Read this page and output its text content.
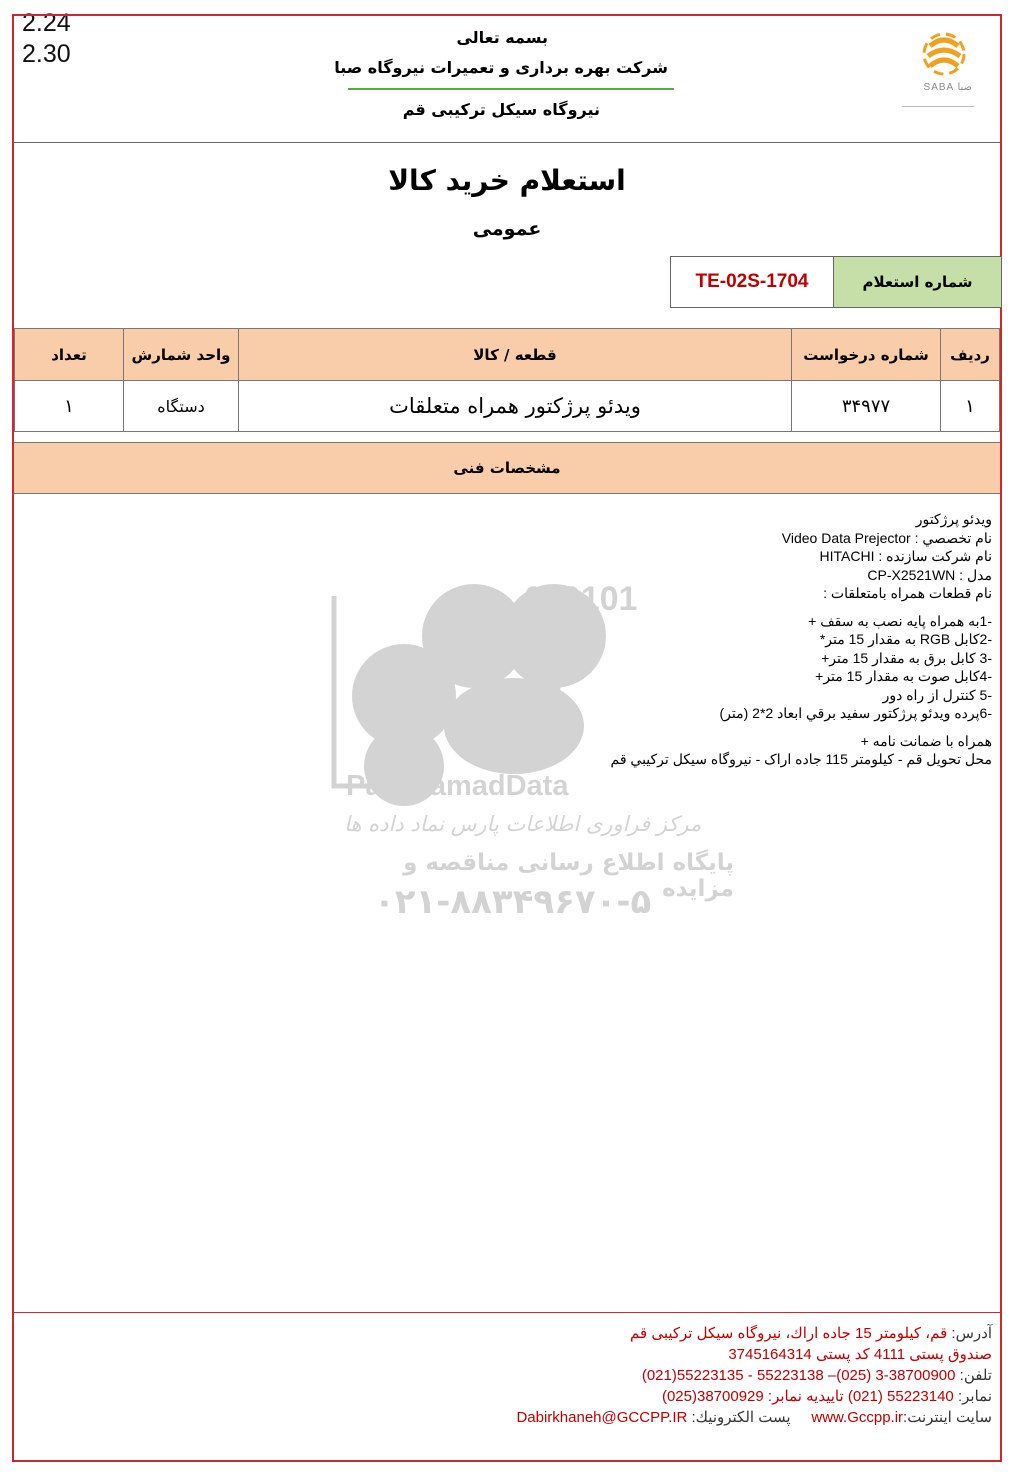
2.24
2.30
بسمه تعالی
شرکت بهره برداری و تعمیرات نیروگاه صبا
نیروگاه سیکل ترکیبی قم
SABA صبا
استعلام خرید کالا
عمومی
TE-02S-1704	شماره استعلام
ردیف	شماره درخواست	قطعه / کالا	واحد شمارش	تعداد
۱	۳۴۹۷۷	ویدئو پرژکتور همراه متعلقات	دستگاه	۱
مشخصات فنی
010101
0001
10
10
ParsNamadData
مرکز فراوری اطلاعات پارس نماد داده ها
پایگاه اطلاع رسانی مناقصه و مزایده
۰۲۱-۸۸۳۴۹۶۷۰-۵
ویدئو پرژکتور
نام تخصصي : Video Data Prejector
نام شرکت سازنده : HITACHI
مدل : CP-X2521WN
نام قطعات همراه بامتعلقات :
-1به همراه پايه نصب به سقف +
-2کابل RGB به مقدار 15 متر*
-3 کابل برق به مقدار 15 متر+
-4کابل صوت به مقدار 15 متر+
-5 کنترل از راه دور
-6پرده ويدئو پرژکتور سفيد برقي ابعاد 2*2 (متر)
همراه با ضمانت نامه +
محل تحويل قم - کيلومتر 115 جاده اراک - نيروگاه سيکل ترکيبي قم
آدرس: قم، کیلومتر 15 جاده اراك، نیروگاه سیکل ترکیبی قم
صندوق پستی 4111 کد پستی 3745164314
تلفن: 38700900-3 (025)– 55223138 - 55223135(021)
نمابر: 55223140 (021) تاییدیه نمابر: 38700929(025)
سایت اینترنت:www.Gccpp.ir     پست الکترونیك: Dabirkhaneh@GCCPP.IR
